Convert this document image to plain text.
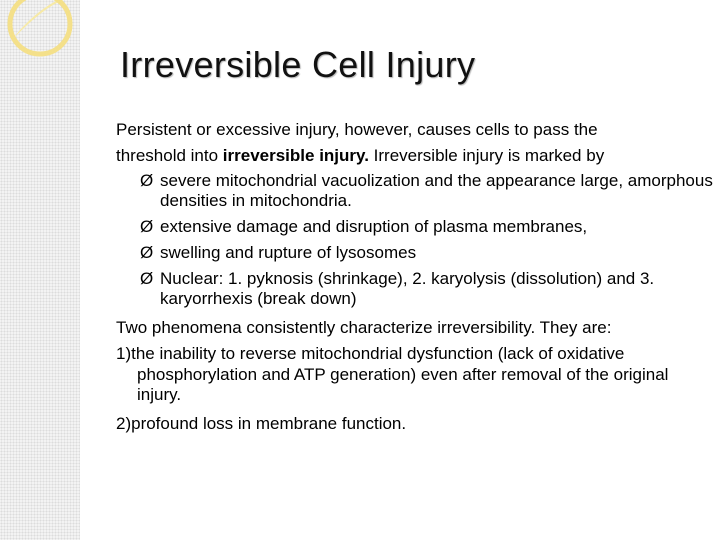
Irreversible Cell Injury

Persistent or excessive injury, however, causes cells to pass the

threshold into irreversible injury. Irreversible injury is marked by

Ø severe mitochondrial vacuolization and the appearance large, amorphous densities in mitochondria.

Ø extensive damage and disruption of plasma membranes,

Ø swelling and rupture of lysosomes

Ø Nuclear: 1. pyknosis (shrinkage), 2. karyolysis (dissolution) and 3. karyorrhexis (break down)

Two phenomena consistently characterize irreversibility. They are:

1)the inability to reverse mitochondrial dysfunction (lack of oxidative

phosphorylation and ATP generation) even after removal of the original injury.

2)profound loss in membrane function.
